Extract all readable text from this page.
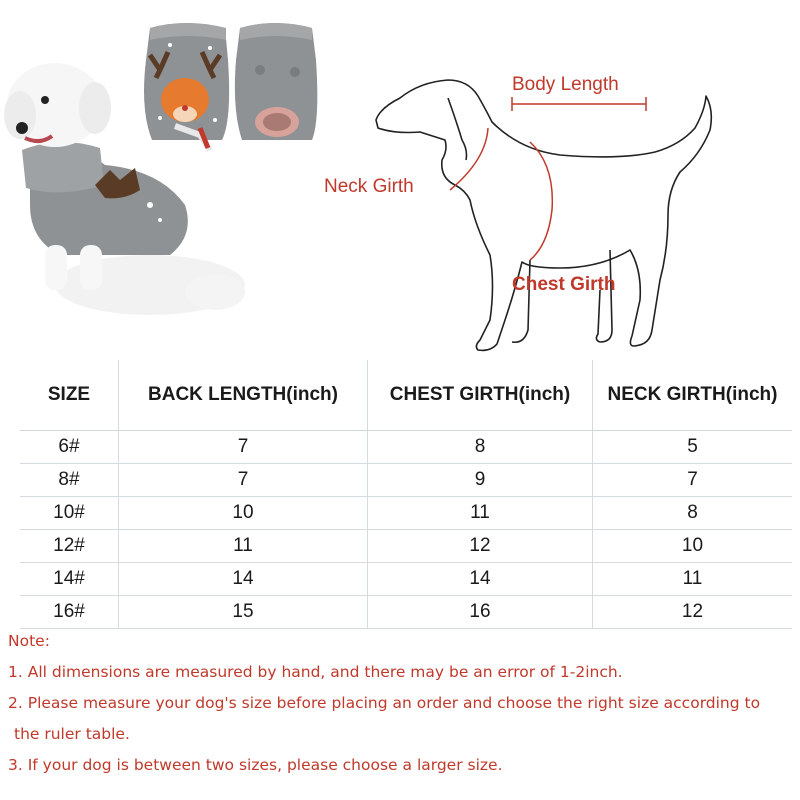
Body Length
Neck Girth
Chest Girth
SIZE	BACK LENGTH(inch)	CHEST GIRTH(inch)	NECK GIRTH(inch)
6#	7	8	5
8#	7	9	7
10#	10	11	8
12#	11	12	10
14#	14	14	11
16#	15	16	12
Note:
1. All dimensions are measured by hand, and there may be an error of 1-2inch.
2. Please measure your dog's size before placing an order and choose the right size according to
the ruler table.
3. If your dog is between two sizes, please choose a larger size.
